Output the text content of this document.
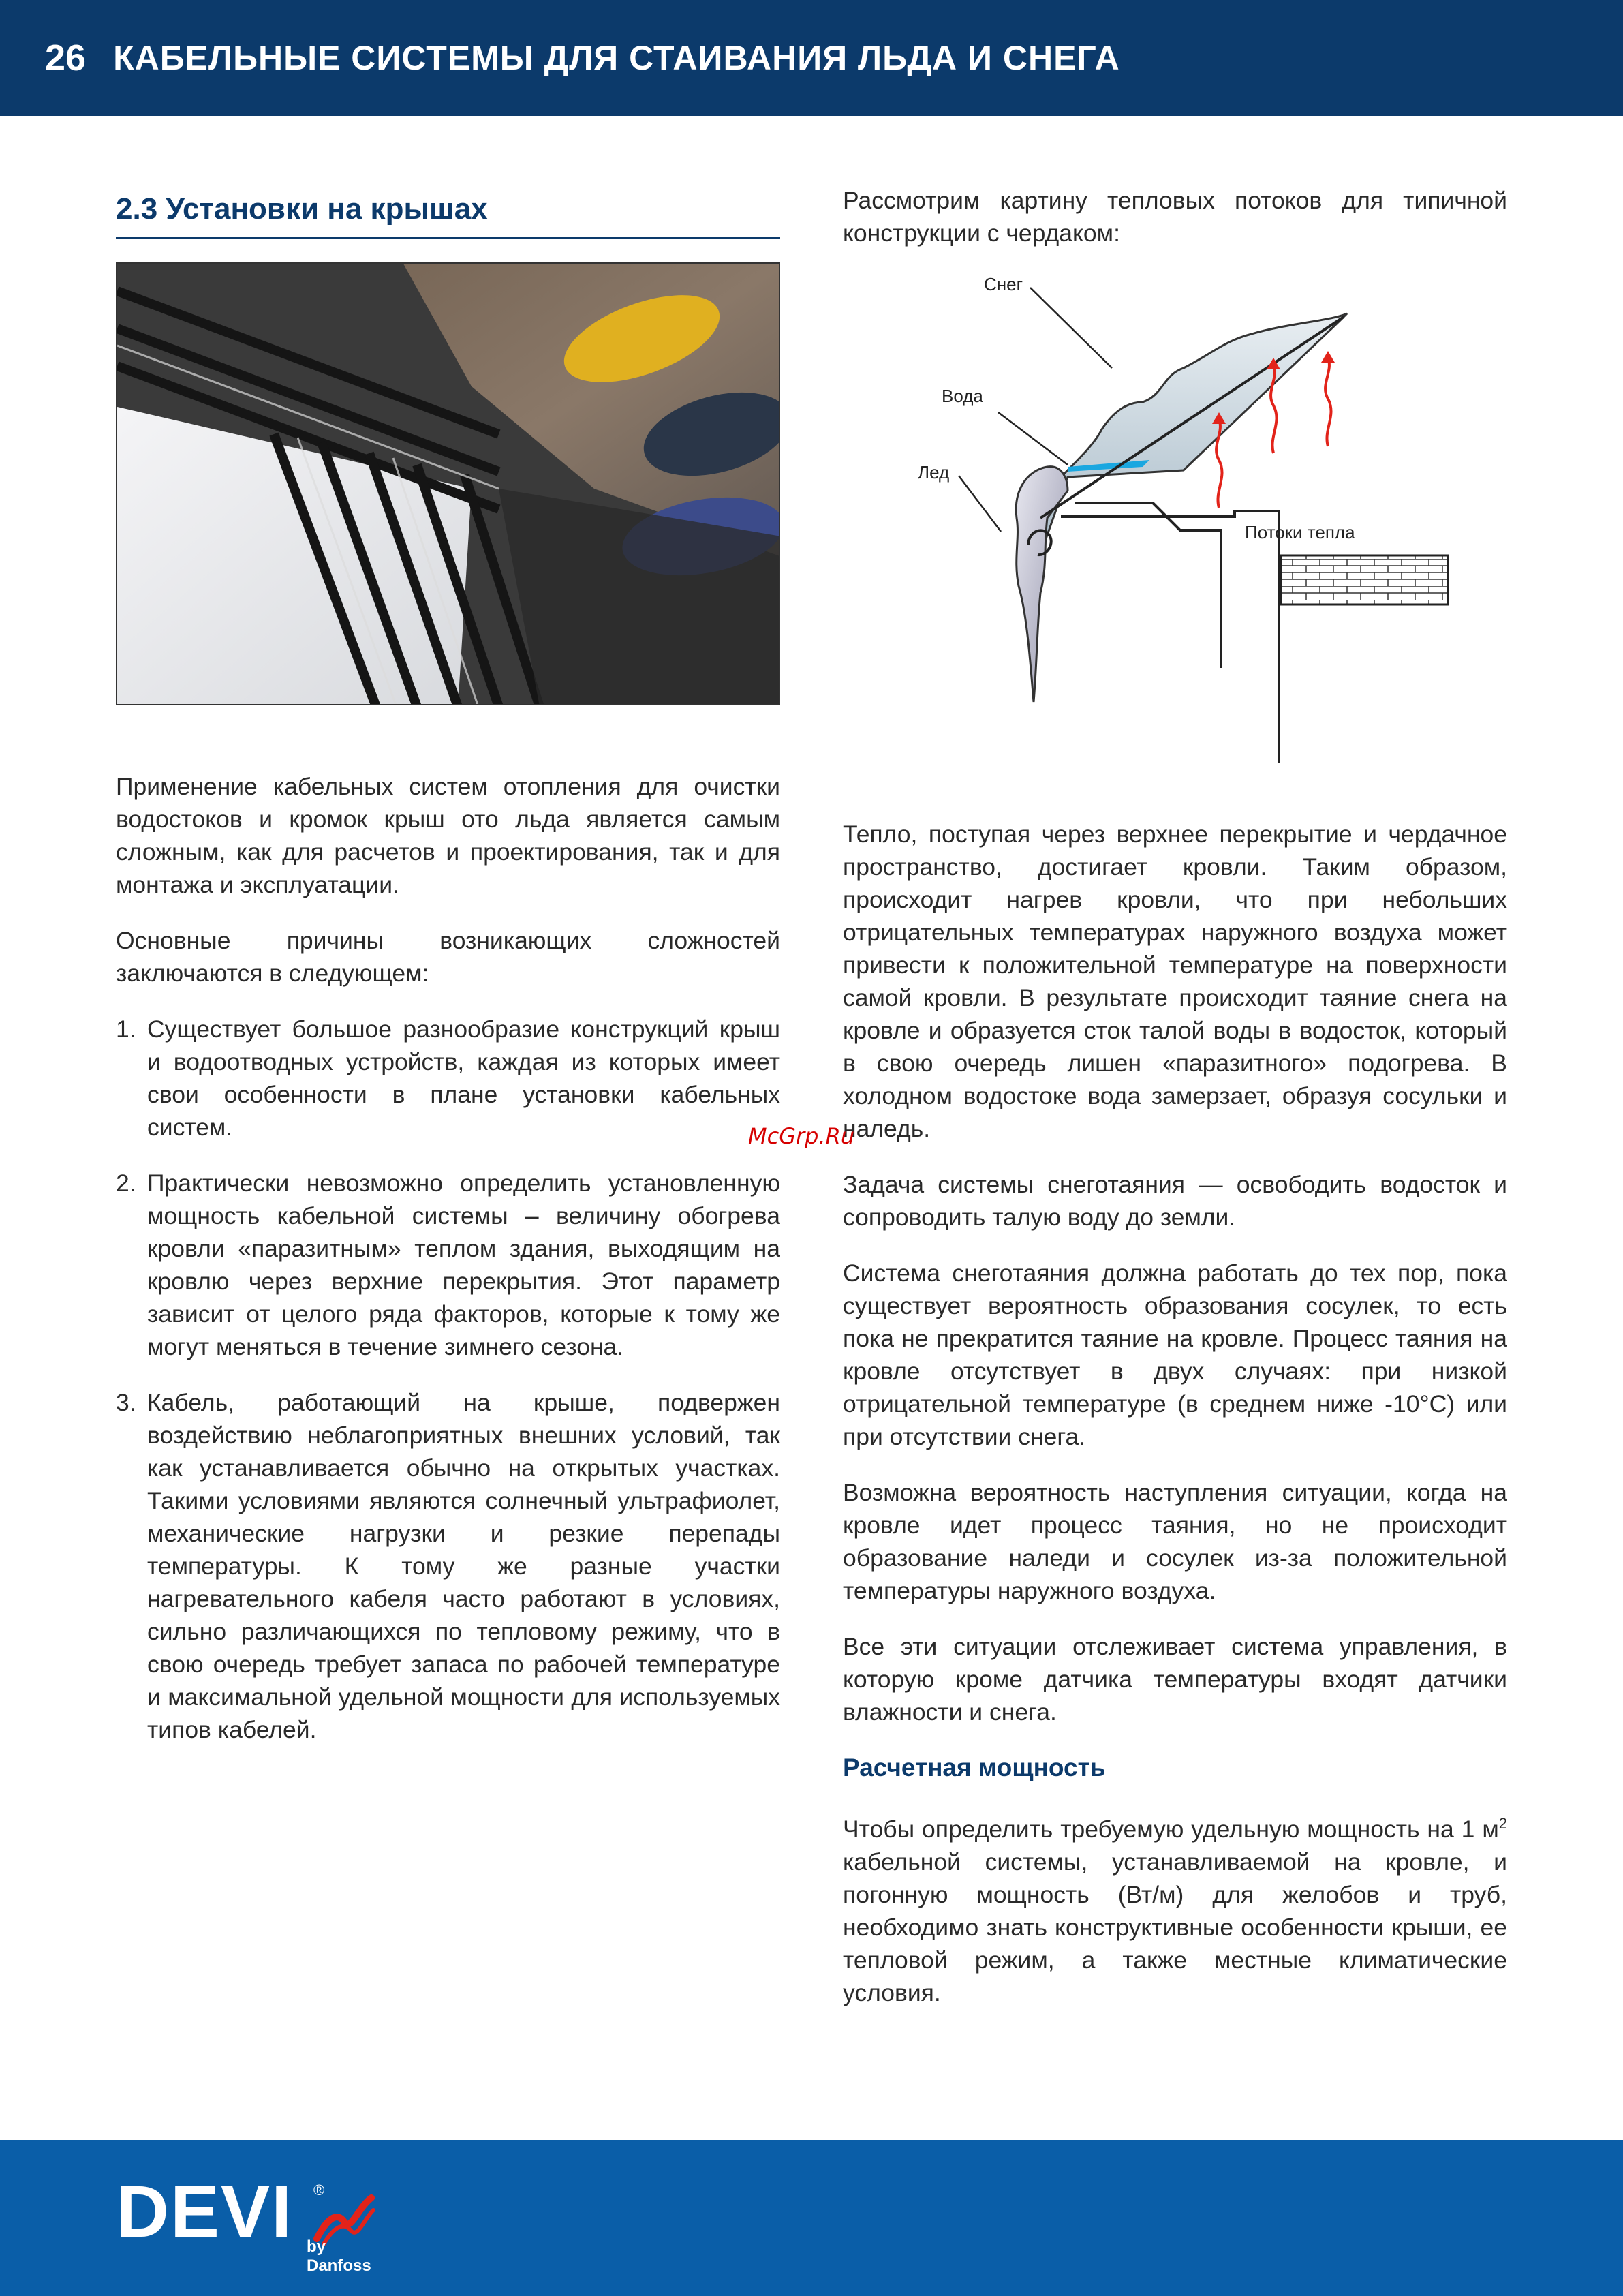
26 КАБЕЛЬНЫЕ СИСТЕМЫ ДЛЯ СТАИВАНИЯ ЛЬДА И СНЕГА
2.3 Установки на крышах

Применение кабельных систем отопления для очистки водостоков и кромок крыш ото льда является самым сложным, как для расчетов и проектирования, так и для монтажа и эксплуатации.

Основные причины возникающих сложностей заключаются в следующем:

1. Существует большое разнообразие конструкций крыш и водоотводных устройств, каждая из которых имеет свои особенности в плане установки кабельных систем.
2. Практически невозможно определить установленную мощность кабельной системы – величину обогрева кровли «паразитным» теплом здания, выходящим на кровлю через верхние перекрытия. Этот параметр зависит от целого ряда факторов, которые к тому же могут меняться в течение зимнего сезона.
3. Кабель, работающий на крыше, подвержен воздействию неблагоприятных внешних условий, так как устанавливается обычно на открытых участках. Такими условиями являются солнечный ультрафиолет, механические нагрузки и резкие перепады температуры. К тому же разные участки нагревательного кабеля часто работают в условиях, сильно различающихся по тепловому режиму, что в свою очередь требует запаса по рабочей температуре и максимальной удельной мощности для используемых типов кабелей.

Рассмотрим картину тепловых потоков для типичной конструкции с чердаком:

Снег
Вода
Лед
Потоки тепла

Тепло, поступая через верхнее перекрытие и чердачное пространство, достигает кровли. Таким образом, происходит нагрев кровли, что при небольших отрицательных температурах наружного воздуха может привести к положительной температуре на поверхности самой кровли. В результате происходит таяние снега на кровле и образуется сток талой воды в водосток, который в свою очередь лишен «паразитного» подогрева. В холодном водостоке вода замерзает, образуя сосульки и наледь.

Задача системы снеготаяния — освободить водосток и сопроводить талую воду до земли.

Система снеготаяния должна работать до тех пор, пока существует вероятность образования сосулек, то есть пока не прекратится таяние на кровле. Процесс таяния на кровле отсутствует в двух случаях: при низкой отрицательной температуре (в среднем ниже -10°С) или при отсутствии снега.

Возможна вероятность наступления ситуации, когда на кровле идет процесс таяния, но не происходит образование наледи и сосулек из-за положительной температуры наружного воздуха.

Все эти ситуации отслеживает система управления, в которую кроме датчика температуры входят датчики влажности и снега.

Расчетная мощность

Чтобы определить требуемую удельную мощность на 1 $м^2$ кабельной системы, устанавливаемой на кровле, и погонную мощность (Вт/м) для желобов и труб, необходимо знать конструктивные особенности крыши, ее тепловой режим, а также местные климатические условия.

McGrp.Ru
DEVI ®
by Danfoss
